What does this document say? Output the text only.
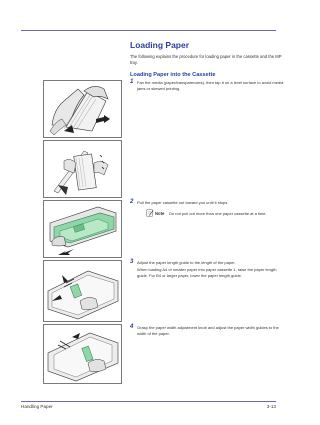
Loading Paper
The following explains the procedure for loading paper in the cassette and the MP tray.
Loading Paper into the Cassette
1 Fan the media (paper/transparencies), then tap it on a level surface to avoid media jams or skewed printing.
2 Pull the paper cassette out toward you until it stops.
Note Do not pull out more than one paper cassette at a time.
3 Adjust the paper length guide to the length of the paper.
When loading A4 or smaller paper into paper cassette 1, raise the paper length guide. For B4 or larger paper, lower the paper length guide.
4 Grasp the paper width adjustment knob and adjust the paper width guides to the width of the paper.
Handling Paper	3-13
